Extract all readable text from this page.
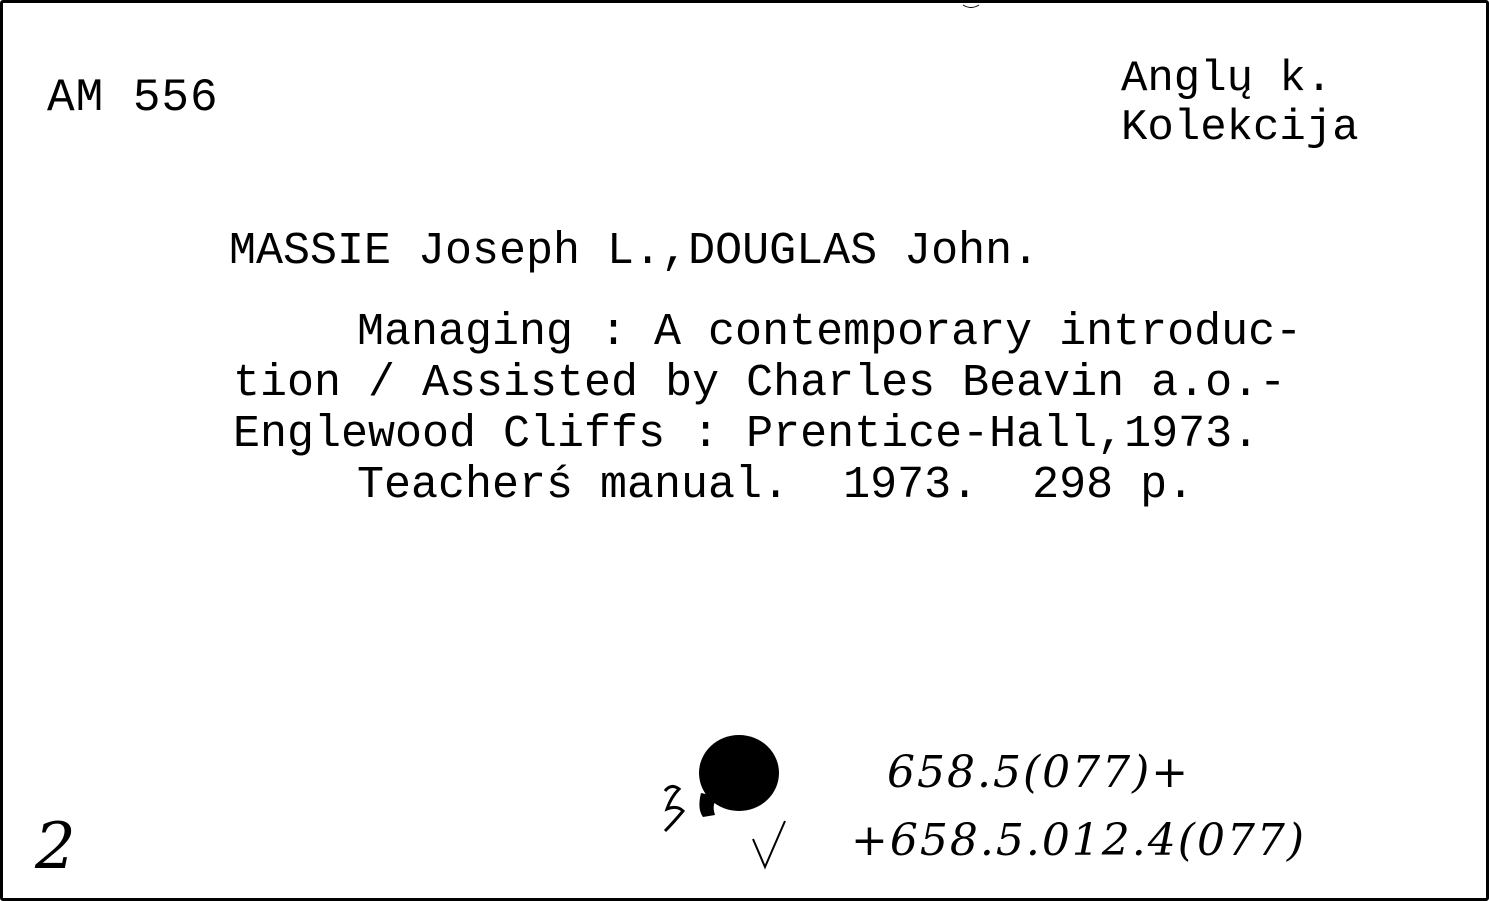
AM 556	Anglų k.
Kolekcija
MASSIE Joseph L.,DOUGLAS John.
Managing : A contemporary introduc-
tion / Assisted by Charles Beavin a.o.-
Englewood Cliffs : Prentice-Hall,1973.
Teacherś manual.  1973.  298 p.
2
658.5(077)+
+658.5.012.4(077)
